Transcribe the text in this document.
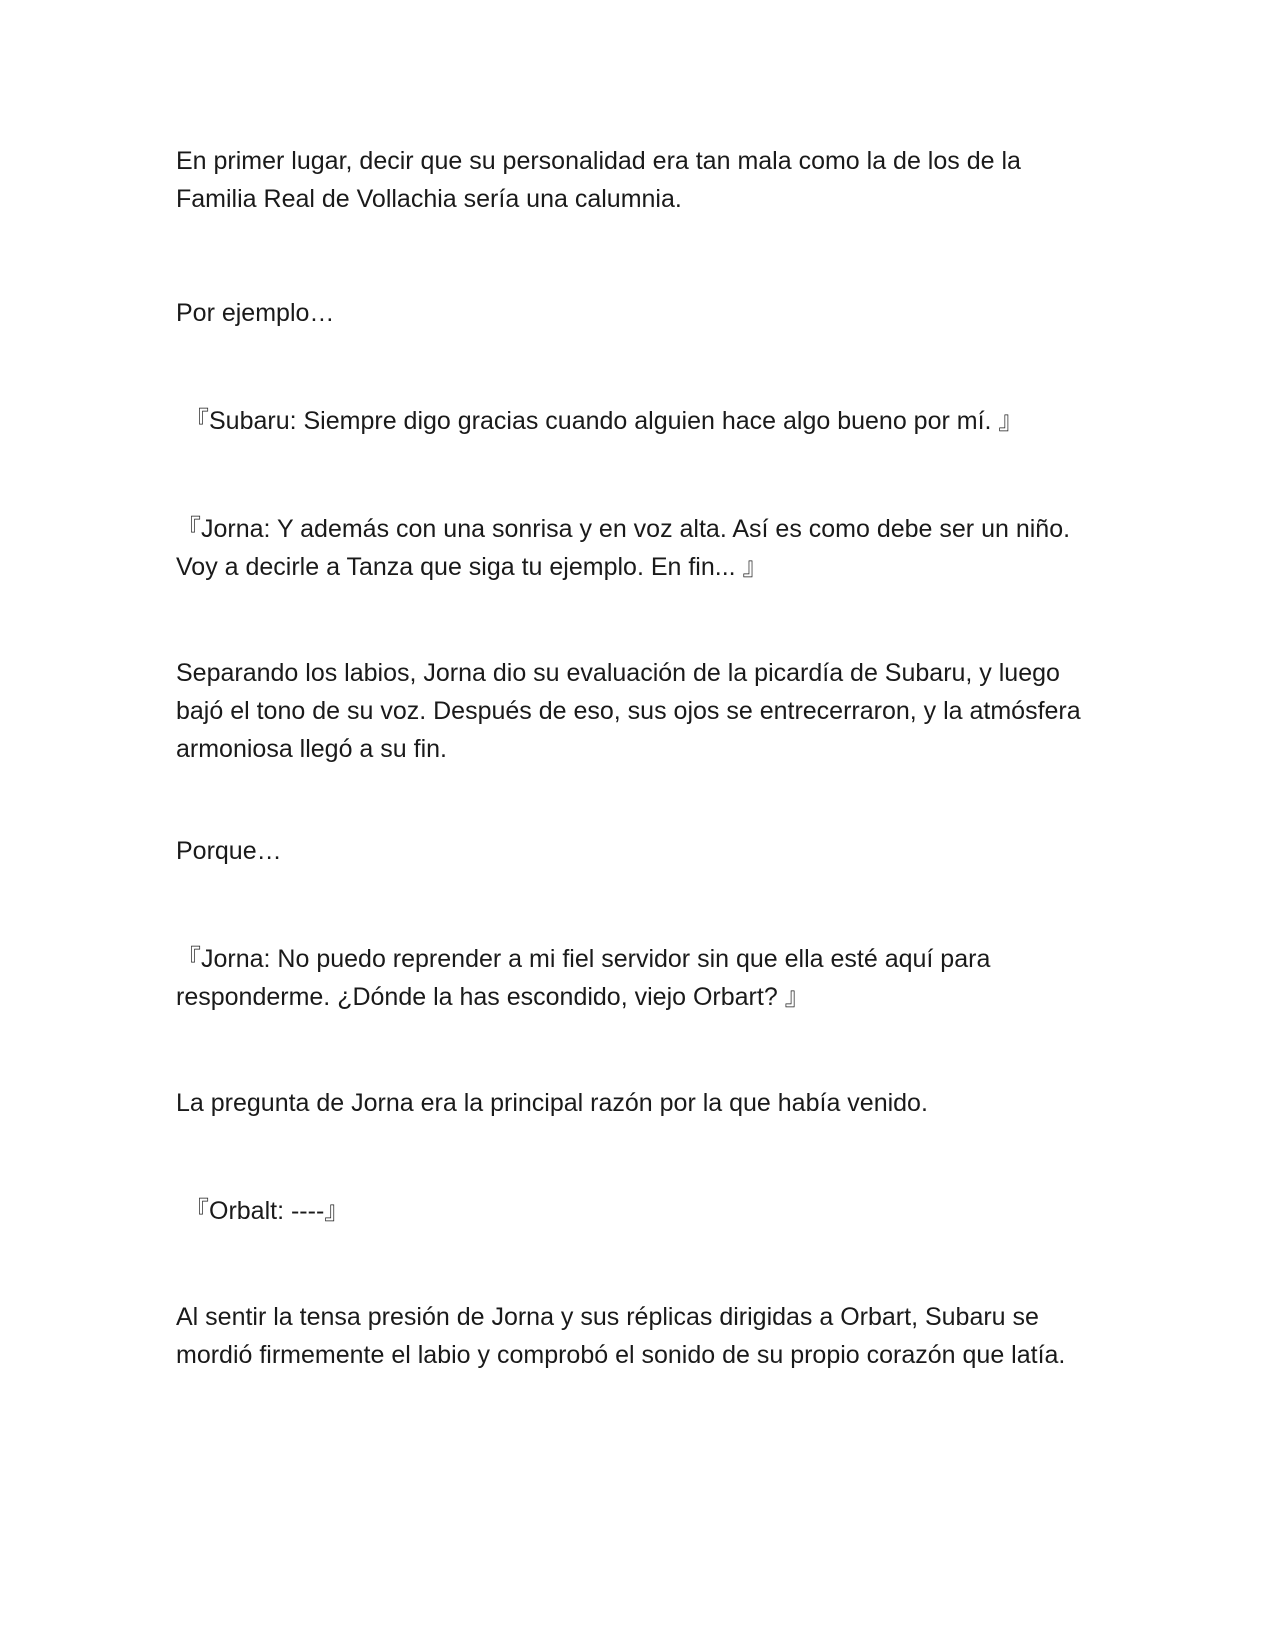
En primer lugar, decir que su personalidad era tan mala como la de los de la Familia Real de Vollachia sería una calumnia.

Por ejemplo…

『Subaru: Siempre digo gracias cuando alguien hace algo bueno por mí. 』

『Jorna: Y además con una sonrisa y en voz alta. Así es como debe ser un niño. Voy a decirle a Tanza que siga tu ejemplo. En fin... 』

Separando los labios, Jorna dio su evaluación de la picardía de Subaru, y luego bajó el tono de su voz. Después de eso, sus ojos se entrecerraron, y la atmósfera armoniosa llegó a su fin.

Porque…

『Jorna: No puedo reprender a mi fiel servidor sin que ella esté aquí para responderme. ¿Dónde la has escondido, viejo Orbart? 』

La pregunta de Jorna era la principal razón por la que había venido.

『Orbalt: ----』

Al sentir la tensa presión de Jorna y sus réplicas dirigidas a Orbart, Subaru se mordió firmemente el labio y comprobó el sonido de su propio corazón que latía.
